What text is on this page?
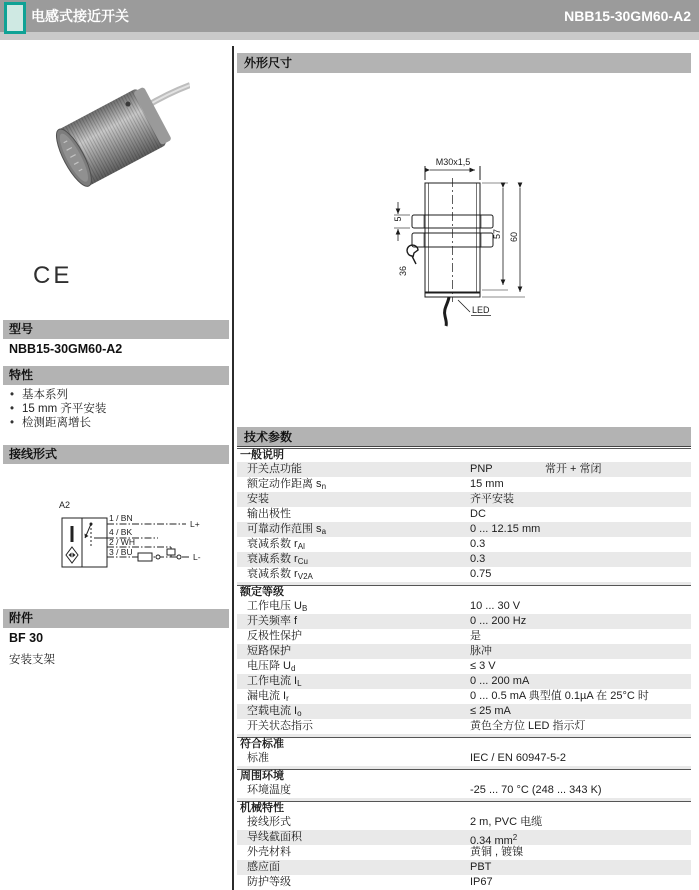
电感式接近开关	NBB15-30GM60-A2
CE
型号
NBB15-30GM60-A2
特性
• 基本系列
• 15 mm 齐平安装
• 检测距离增长
接线形式
A2
1 / BN
4 / BK
2 / WH
3 / BU
L+
L-
附件
BF 30
安装支架
外形尺寸
M30x1,5
5
36
57 60
LED
技术参数
一般说明
开关点功能	PNP	常开 + 常闭
额定动作距离 $s_n$	15 mm
安装	齐平安装
输出极性	DC
可靠动作范围 $s_a$	0 ... 12.15 mm
衰减系数 $r_{Al}$	0.3
衰减系数 $r_{Cu}$	0.3
衰减系数 $r_{V2A}$	0.75
额定等级
工作电压 $U_B$	10 ... 30 V
开关频率 f	0 ... 200 Hz
反极性保护	是
短路保护	脉冲
电压降 $U_d$	≤ 3 V
工作电流 $I_L$	0 ... 200 mA
漏电流 $I_r$	0 ... 0.5 mA 典型值 0.1µA 在 25°C 时
空载电流 $I_o$	≤ 25 mA
开关状态指示	黄色全方位 LED 指示灯
符合标准
标准	IEC / EN 60947-5-2
周围环境
环境温度	-25 ... 70 °C (248 ... 343 K)
机械特性
接线形式	2 m, PVC 电缆
导线截面积	0.34 $mm^2$
外壳材料	黄铜 , 镀镍
感应面	PBT
防护等级	IP67
